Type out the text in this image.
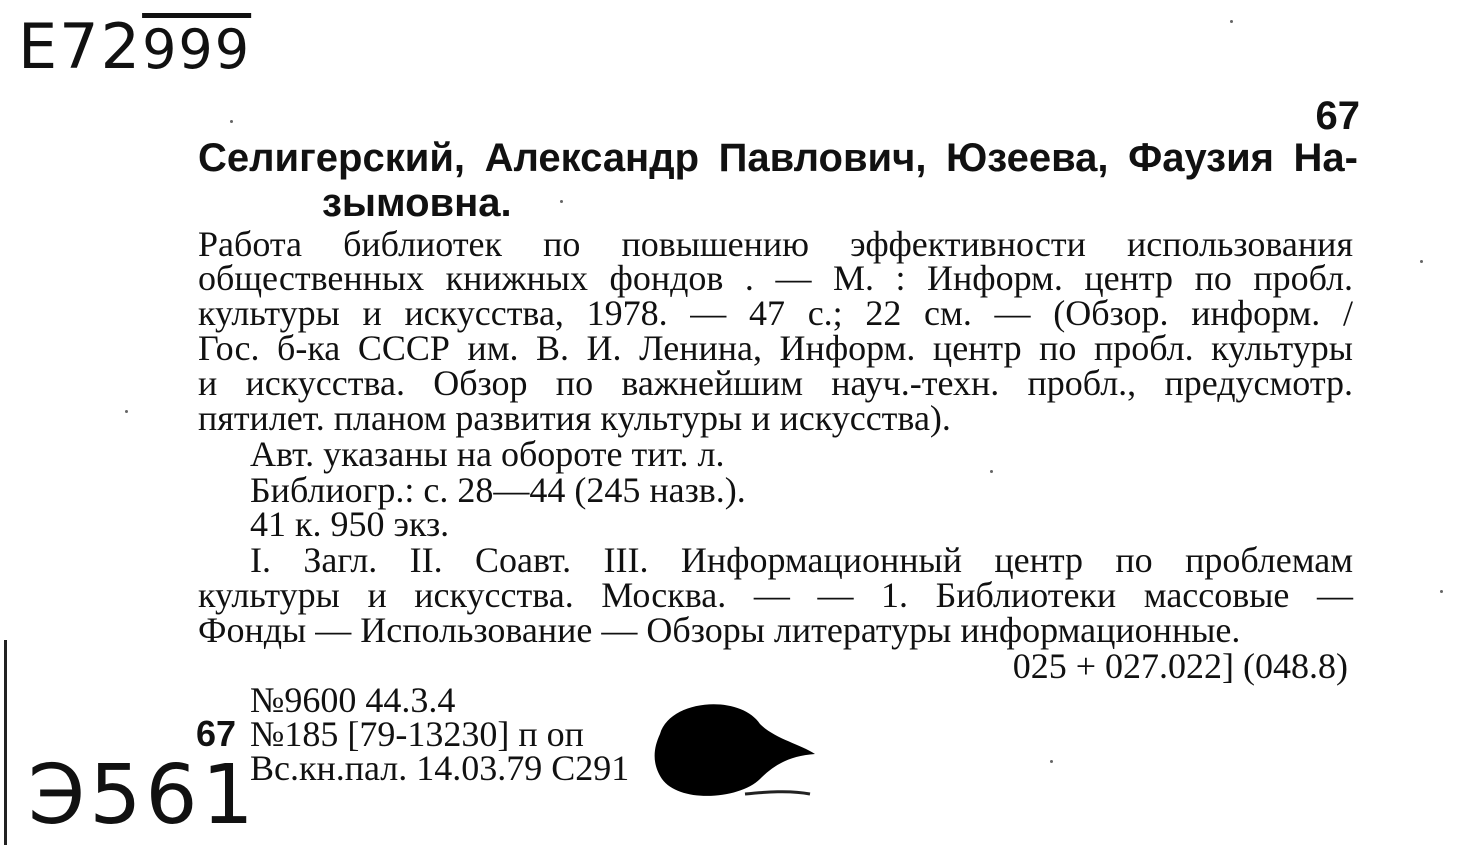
Е72999
Э561
67
Селигерский, Александр Павлович, Юзеева, Фаузия На-
зымовна.
Работа библиотек по повышению эффективности использования
общественных книжных фондов . — М. : Информ. центр по пробл.
культуры и искусства, 1978. — 47 с.; 22 см. — (Обзор. информ. /
Гос. б-ка СССР им. В. И. Ленина, Информ. центр по пробл. культуры
и искусства. Обзор по важнейшим науч.-техн. пробл., предусмотр.
пятилет. планом развития культуры и искусства).
Авт. указаны на обороте тит. л.
Библиогр.: с. 28—44 (245 назв.).
41 к. 950 экз.
I. Загл. II. Соавт. III. Информационный центр по проблемам
культуры и искусства. Москва. — — 1. Библиотеки массовые —
Фонды — Использование — Обзоры литературы информационные.
025 + 027.022] (048.8)
№9600 44.3.4
67 №185 [79-13230] п оп
Вс.кн.пал. 14.03.79 С291
